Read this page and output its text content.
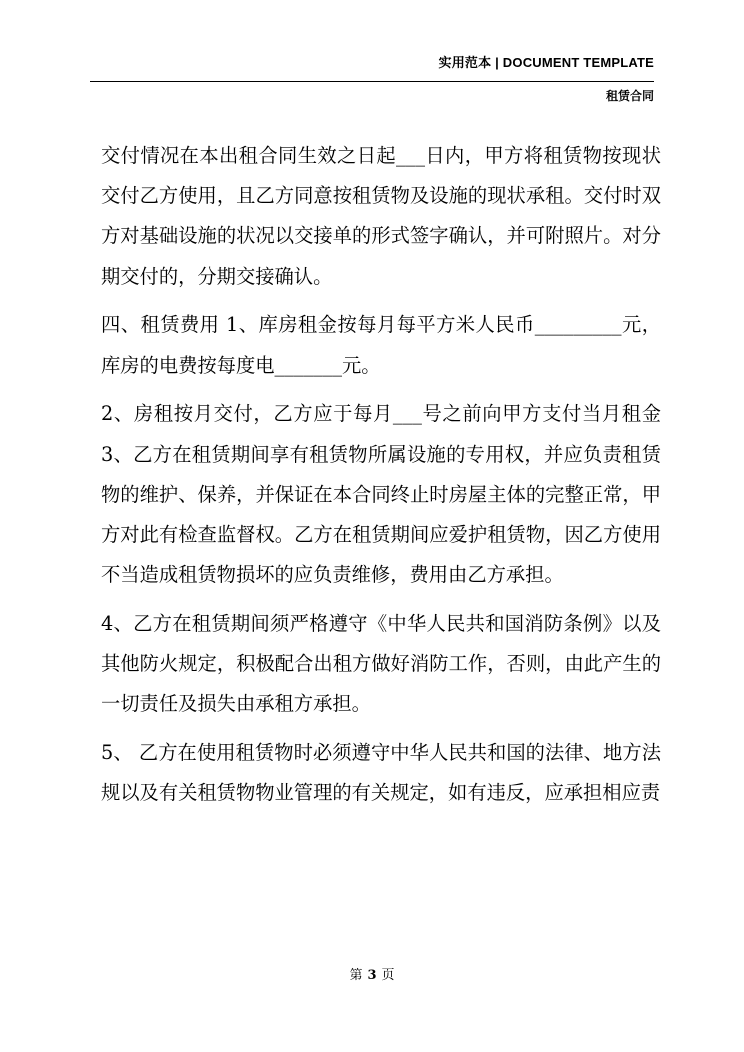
实用范本 | DOCUMENT TEMPLATE
租赁合同

交付情况在本出租合同生效之日起___日内，甲方将租赁物按现状交付乙方使用，且乙方同意按租赁物及设施的现状承租。交付时双方对基础设施的状况以交接单的形式签字确认，并可附照片。对分期交付的，分期交接确认。

四、租赁费用 1、库房租金按每月每平方米人民币_________元，库房的电费按每度电_______元。

2、房租按月交付，乙方应于每月___号之前向甲方支付当月租金 3、乙方在租赁期间享有租赁物所属设施的专用权，并应负责租赁物的维护、保养，并保证在本合同终止时房屋主体的完整正常，甲方对此有检查监督权。乙方在租赁期间应爱护租赁物，因乙方使用不当造成租赁物损坏的应负责维修，费用由乙方承担。

4、乙方在租赁期间须严格遵守《中华人民共和国消防条例》以及其他防火规定，积极配合出租方做好消防工作，否则，由此产生的一切责任及损失由承租方承担。

5、 乙方在使用租赁物时必须遵守中华人民共和国的法律、地方法规以及有关租赁物物业管理的有关规定，如有违反，应承担相应责

第 3 页
